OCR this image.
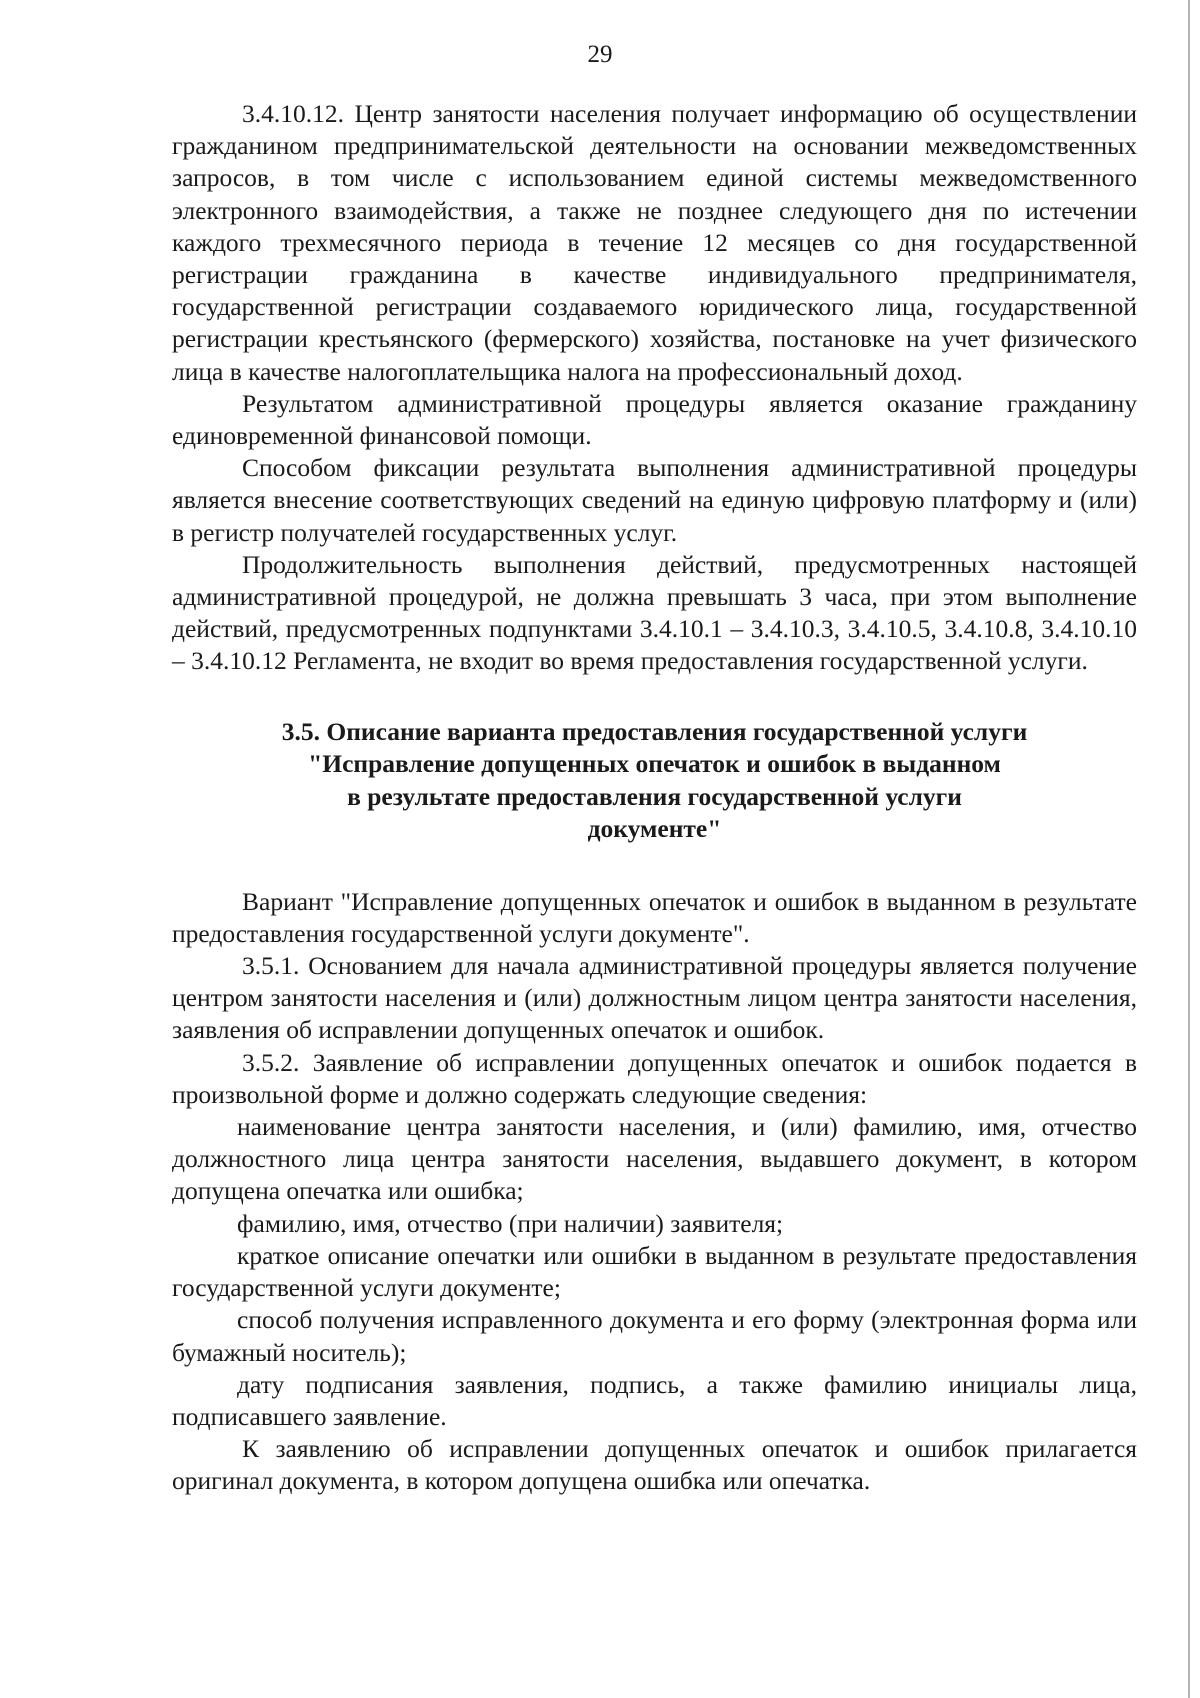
29

3.4.10.12. Центр занятости населения получает информацию об осуществлении гражданином предпринимательской деятельности на основании межведомственных запросов, в том числе с использованием единой системы межведомственного электронного взаимодействия, а также не позднее следующего дня по истечении каждого трехмесячного периода в течение 12 месяцев со дня государственной регистрации гражданина в качестве индивидуального предпринимателя, государственной регистрации создаваемого юридического лица, государственной регистрации крестьянского (фермерского) хозяйства, постановке на учет физического лица в качестве налогоплательщика налога на профессиональный доход.

Результатом административной процедуры является оказание гражданину единовременной финансовой помощи.

Способом фиксации результата выполнения административной процедуры является внесение соответствующих сведений на единую цифровую платформу и (или) в регистр получателей государственных услуг.

Продолжительность выполнения действий, предусмотренных настоящей административной процедурой, не должна превышать 3 часа, при этом выполнение действий, предусмотренных подпунктами 3.4.10.1 – 3.4.10.3, 3.4.10.5, 3.4.10.8, 3.4.10.10 – 3.4.10.12 Регламента, не входит во время предоставления государственной услуги.

3.5. Описание варианта предоставления государственной услуги
"Исправление допущенных опечаток и ошибок в выданном
в результате предоставления государственной услуги
документе"

Вариант "Исправление допущенных опечаток и ошибок в выданном в результате предоставления государственной услуги документе".

3.5.1. Основанием для начала административной процедуры является получение центром занятости населения и (или) должностным лицом центра занятости населения, заявления об исправлении допущенных опечаток и ошибок.

3.5.2. Заявление об исправлении допущенных опечаток и ошибок подается в произвольной форме и должно содержать следующие сведения:

наименование центра занятости населения, и (или) фамилию, имя, отчество должностного лица центра занятости населения, выдавшего документ, в котором допущена опечатка или ошибка;

фамилию, имя, отчество (при наличии) заявителя;

краткое описание опечатки или ошибки в выданном в результате предоставления государственной услуги документе;

способ получения исправленного документа и его форму (электронная форма или бумажный носитель);

дату подписания заявления, подпись, а также фамилию инициалы лица, подписавшего заявление.

К заявлению об исправлении допущенных опечаток и ошибок прилагается оригинал документа, в котором допущена ошибка или опечатка.
